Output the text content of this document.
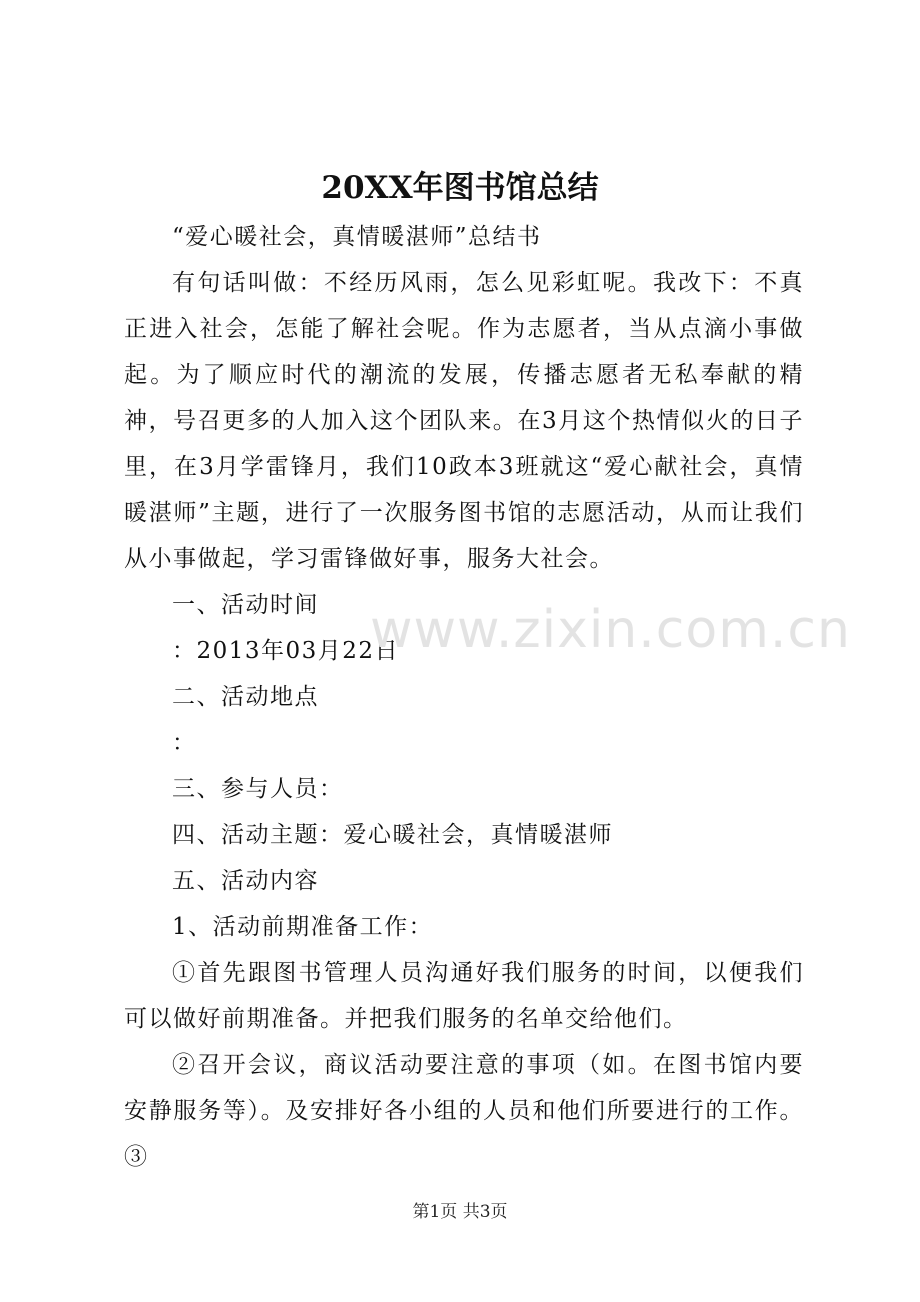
20XX年图书馆总结

“爱心暖社会，真情暖湛师”总结书

有句话叫做：不经历风雨，怎么见彩虹呢。我改下：不真正进入社会，怎能了解社会呢。作为志愿者，当从点滴小事做起。为了顺应时代的潮流的发展，传播志愿者无私奉献的精神，号召更多的人加入这个团队来。在3月这个热情似火的日子里，在3月学雷锋月，我们10政本3班就这“爱心献社会，真情暖湛师”主题，进行了一次服务图书馆的志愿活动，从而让我们从小事做起，学习雷锋做好事，服务大社会。

一、活动时间

：2013年03月22日

二、活动地点

：

三、参与人员：

四、活动主题：爱心暖社会，真情暖湛师

五、活动内容

1、活动前期准备工作：

①首先跟图书管理人员沟通好我们服务的时间，以便我们可以做好前期准备。并把我们服务的名单交给他们。

②召开会议，商议活动要注意的事项（如。在图书馆内要安静服务等）。及安排好各小组的人员和他们所要进行的工作。③

www.zixin.com.cn
第1页 共3页
